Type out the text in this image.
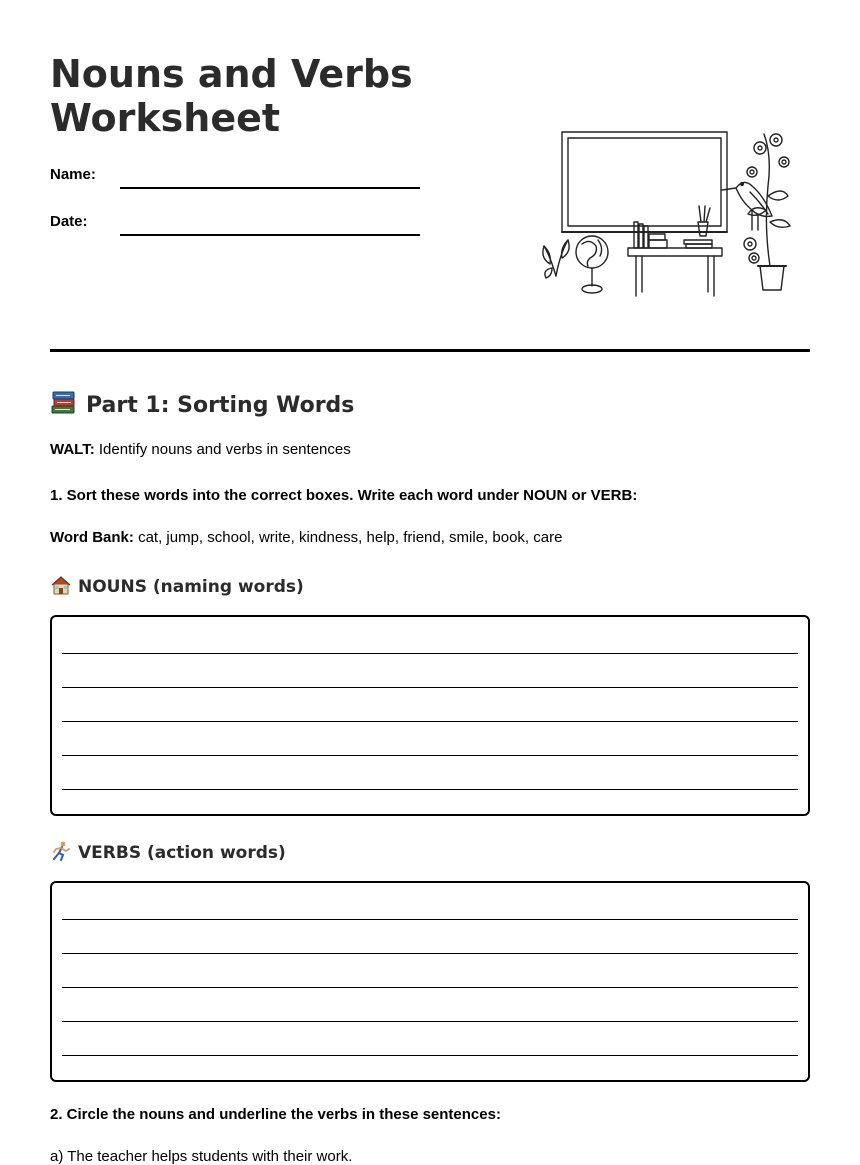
Nouns and Verbs Worksheet
Name:
Date:
Part 1: Sorting Words
WALT: Identify nouns and verbs in sentences
1. Sort these words into the correct boxes. Write each word under NOUN or VERB:
Word Bank: cat, jump, school, write, kindness, help, friend, smile, book, care
NOUNS (naming words)
VERBS (action words)
2. Circle the nouns and underline the verbs in these sentences:
a) The teacher helps students with their work.
